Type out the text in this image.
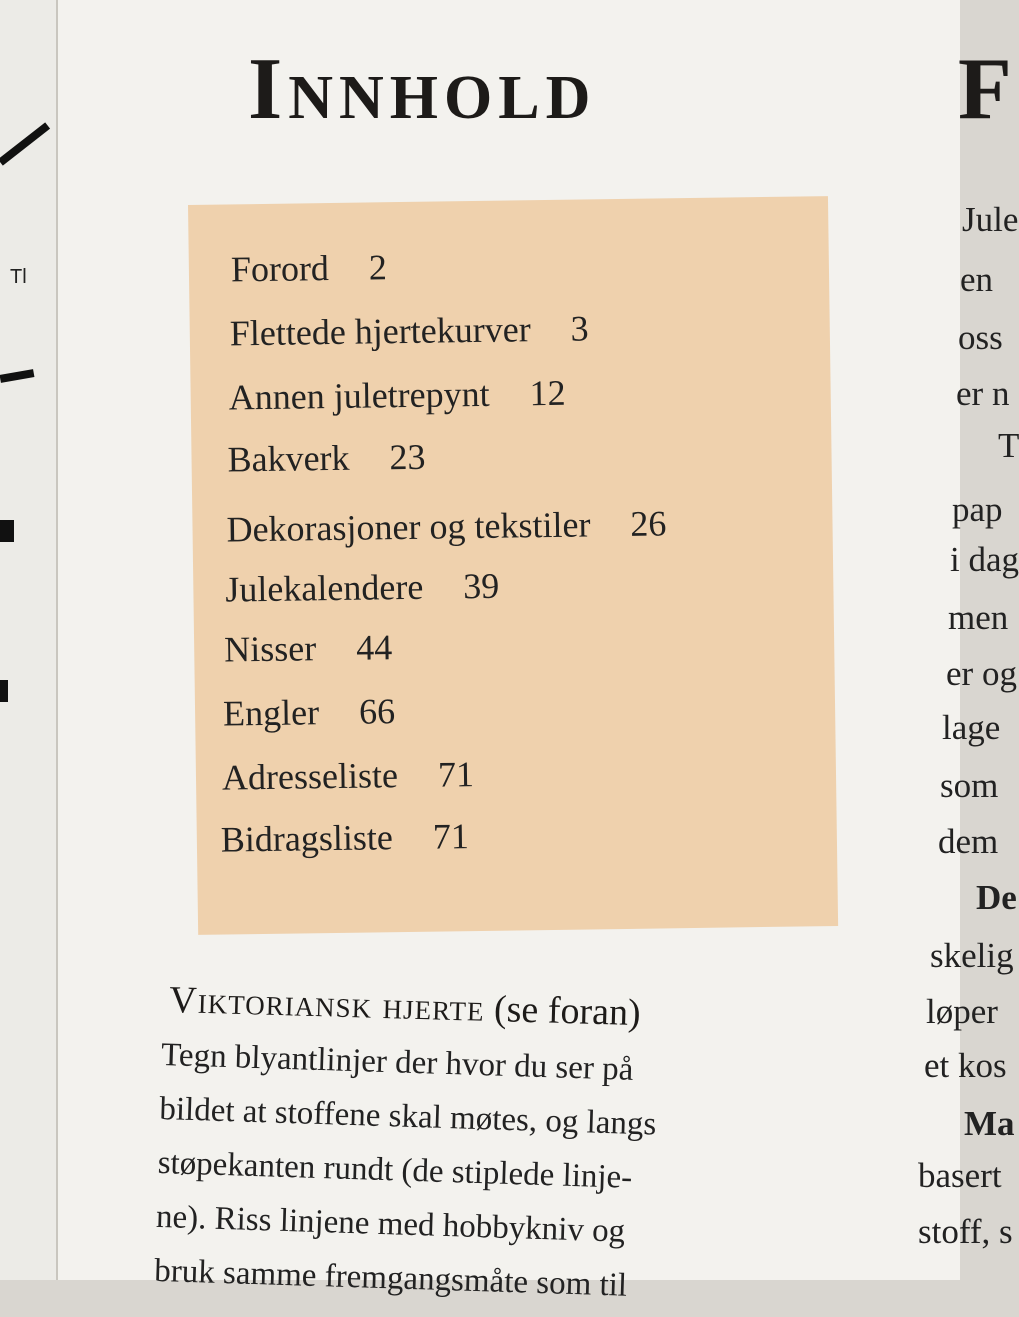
Tl
Innhold	F
Forord 2
Flettede hjertekurver 3
Annen juletrepynt 12
Bakverk 23
Dekorasjoner og tekstiler 26
Julekalendere 39
Nisser 44
Engler 66
Adresseliste 71
Bidragsliste 71
Viktoriansk hjerte (se foran)
Tegn blyantlinjer der hvor du ser på
bildet at stoffene skal møtes, og langs
støpekanten rundt (de stiplede linje-
ne). Riss linjene med hobbykniv og
bruk samme fremgangsmåte som til
Jule
en
oss
er n
T
pap
i dag
men
er og
lage
som
dem
De
skelig
løper
et kos
Ma
basert
stoff, s
